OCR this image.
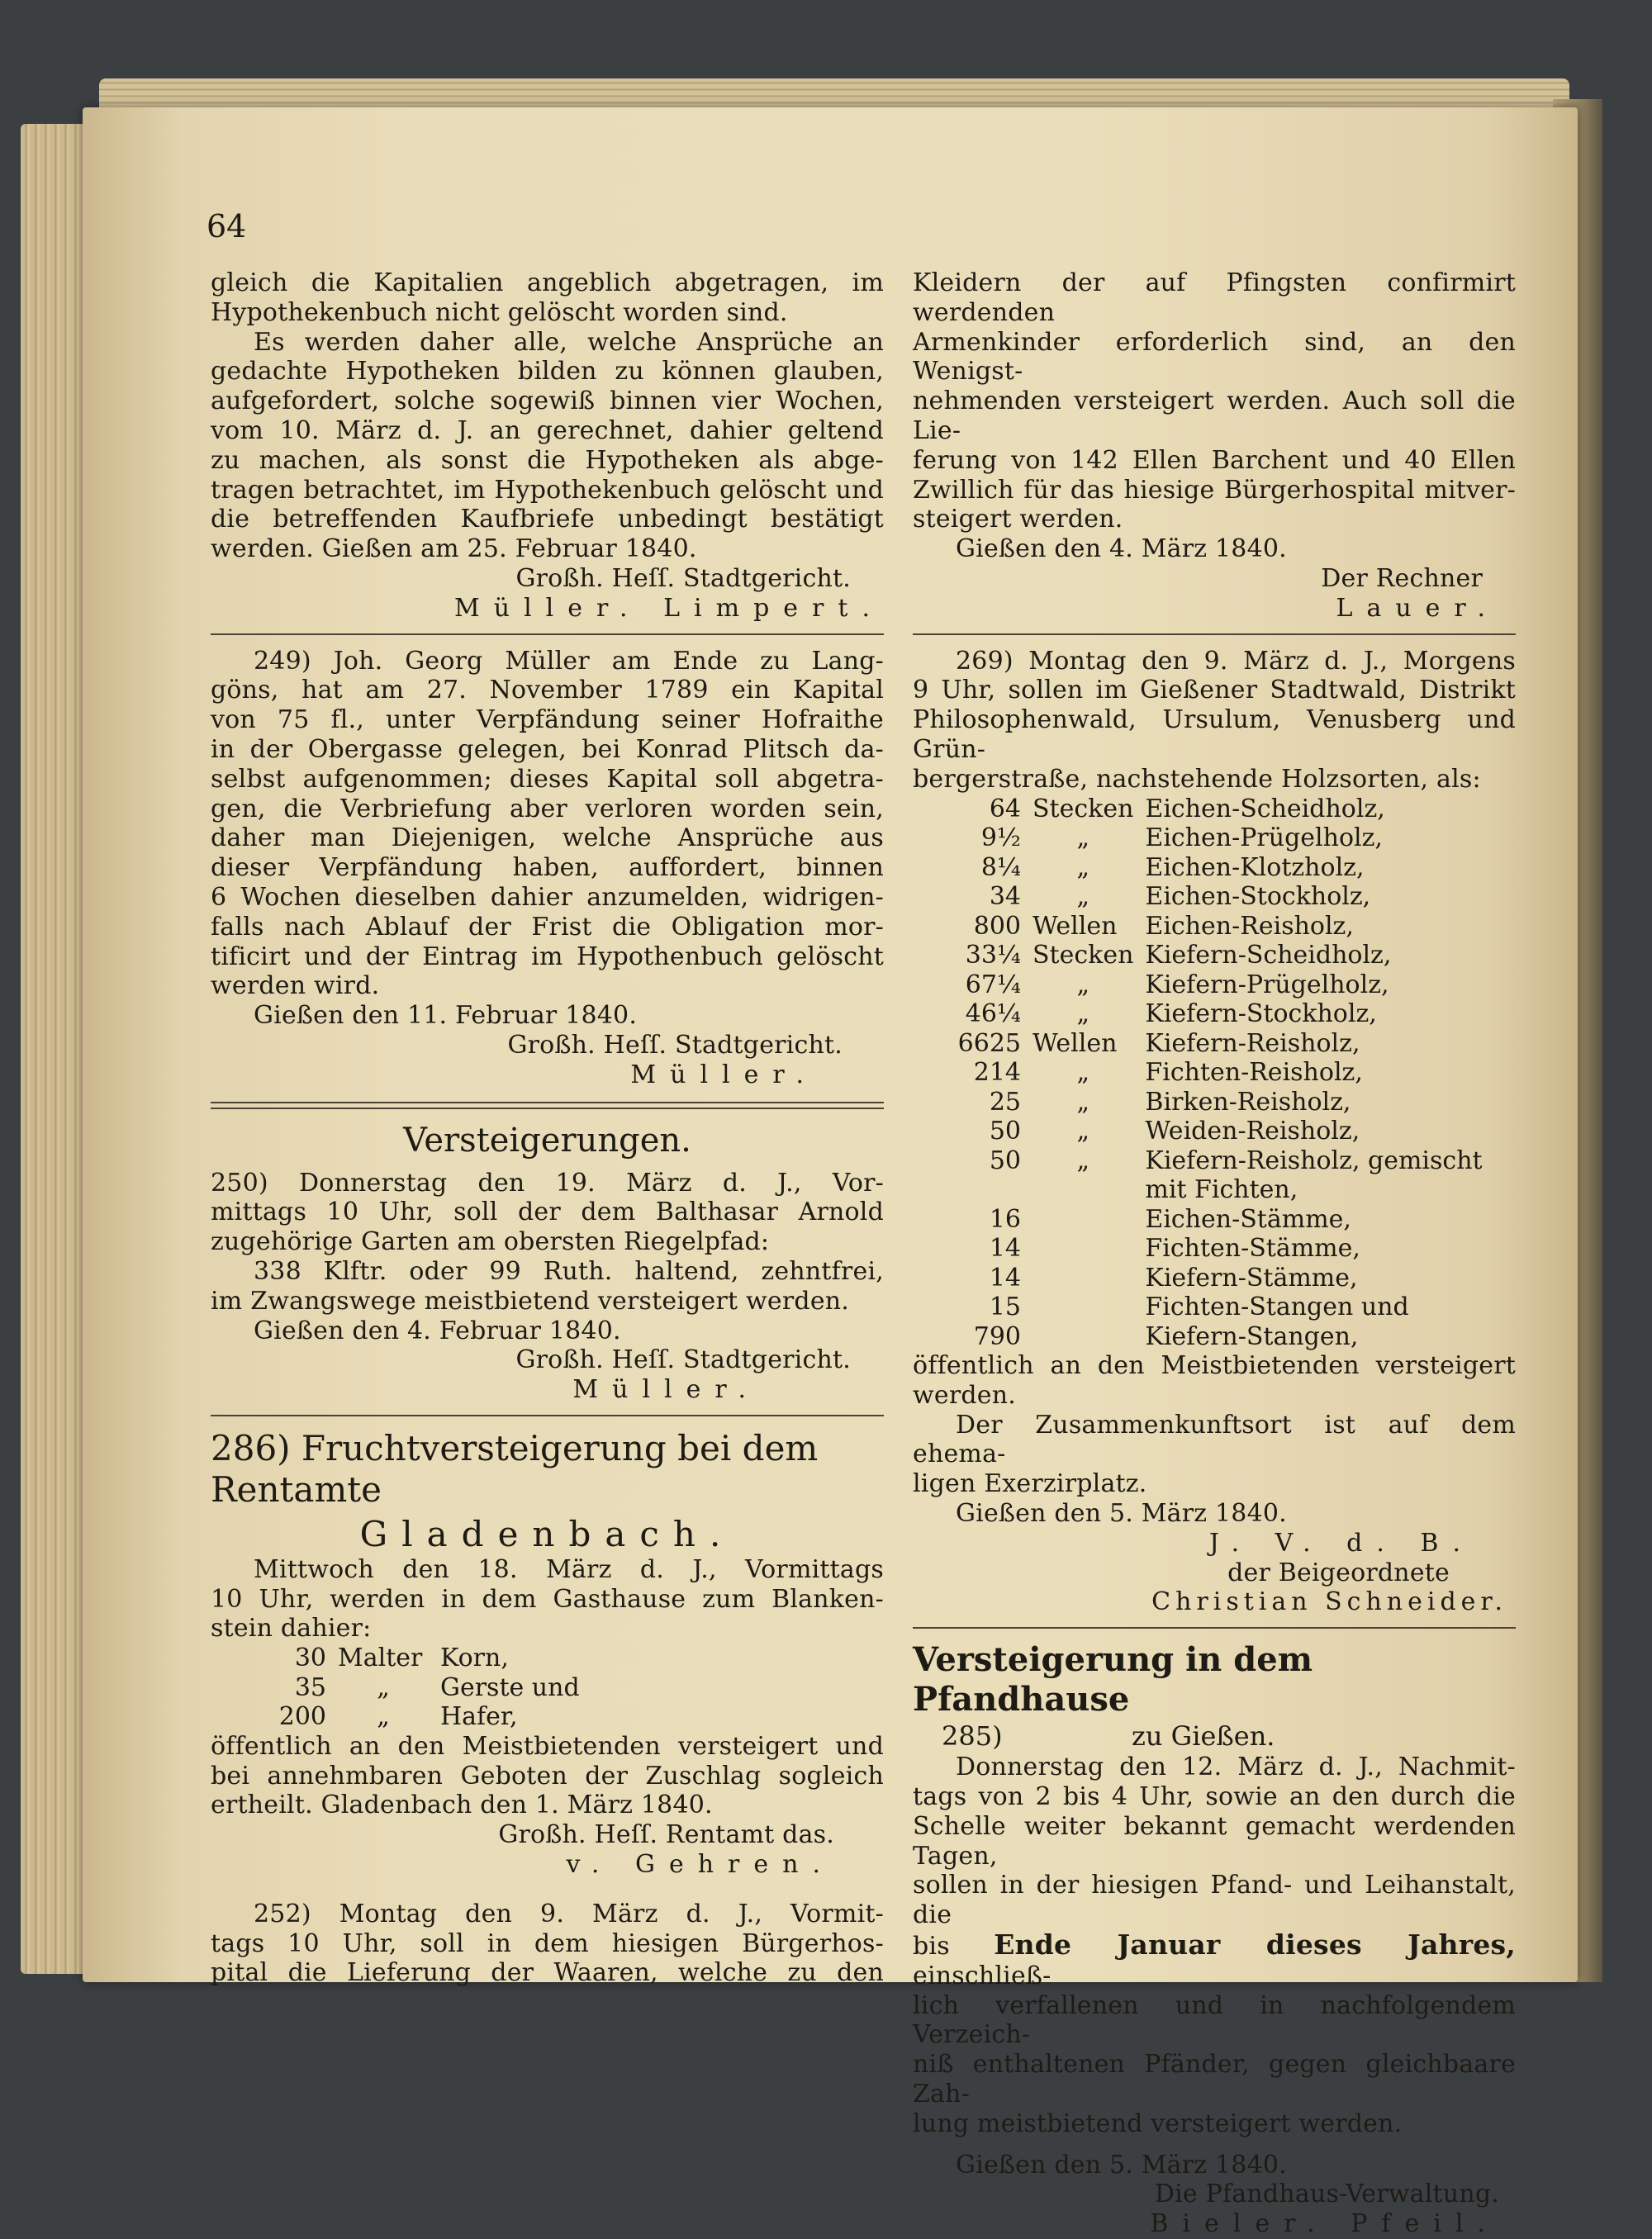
64

gleich die Kapitalien angeblich abgetragen, im

Hypothekenbuch nicht gelöscht worden sind.

Es werden daher alle, welche Ansprüche an

gedachte Hypotheken bilden zu können glauben,

aufgefordert, solche sogewiß binnen vier Wochen,

vom 10. März d. J. an gerechnet, dahier geltend

zu machen, als sonst die Hypotheken als abge-

tragen betrachtet, im Hypothekenbuch gelöscht und

die betreffenden Kaufbriefe unbedingt bestätigt

werden. Gießen am 25. Februar 1840.

Großh. Heſſ. Stadtgericht.

Müller. Limpert.

249) Joh. Georg Müller am Ende zu Lang-

göns, hat am 27. November 1789 ein Kapital

von 75 fl., unter Verpfändung seiner Hofraithe

in der Obergasse gelegen, bei Konrad Plitsch da-

selbst aufgenommen; dieses Kapital soll abgetra-

gen, die Verbriefung aber verloren worden sein,

daher man Diejenigen, welche Ansprüche aus

dieser Verpfändung haben, auffordert, binnen

6 Wochen dieselben dahier anzumelden, widrigen-

falls nach Ablauf der Frist die Obligation mor-

tificirt und der Eintrag im Hypothenbuch gelöscht

werden wird.

Gießen den 11. Februar 1840.

Großh. Heſſ. Stadtgericht.

Müller.

Versteigerungen.

250) Donnerstag den 19. März d. J., Vor-

mittags 10 Uhr, soll der dem Balthasar Arnold

zugehörige Garten am obersten Riegelpfad:

338 Klftr. oder 99 Ruth. haltend, zehntfrei,

im Zwangswege meistbietend versteigert werden.

Gießen den 4. Februar 1840.

Großh. Heſſ. Stadtgericht.

Müller.

286) Fruchtversteigerung bei dem Rentamte
Gladenbach.

Mittwoch den 18. März d. J., Vormittags

10 Uhr, werden in dem Gasthause zum Blanken-

stein dahier:

30	Malter	Korn,
35	„	Gerste und
200	„	Hafer,

öffentlich an den Meistbietenden versteigert und

bei annehmbaren Geboten der Zuschlag sogleich

ertheilt. Gladenbach den 1. März 1840.

Großh. Heſſ. Rentamt das.

v. Gehren.

252) Montag den 9. März d. J., Vormit-

tags 10 Uhr, soll in dem hiesigen Bürgerhos-

pital die Lieferung der Waaren, welche zu den

Kleidern der auf Pfingsten confirmirt werdenden

Armenkinder erforderlich sind, an den Wenigst-

nehmenden versteigert werden. Auch soll die Lie-

ferung von 142 Ellen Barchent und 40 Ellen

Zwillich für das hiesige Bürgerhospital mitver-

steigert werden.

Gießen den 4. März 1840.

Der Rechner

Lauer.

269) Montag den 9. März d. J., Morgens

9 Uhr, sollen im Gießener Stadtwald, Distrikt

Philosophenwald, Ursulum, Venusberg und Grün-

bergerstraße, nachstehende Holzsorten, als:

64	Stecken	Eichen-Scheidholz,
9½	„	Eichen-Prügelholz,
8¼	„	Eichen-Klotzholz,
34	„	Eichen-Stockholz,
800	Wellen	Eichen-Reisholz,
33¼	Stecken	Kiefern-Scheidholz,
67¼	„	Kiefern-Prügelholz,
46¼	„	Kiefern-Stockholz,
6625	Wellen	Kiefern-Reisholz,
214	„	Fichten-Reisholz,
25	„	Birken-Reisholz,
50	„	Weiden-Reisholz,
50	„	Kiefern-Reisholz, gemischt
		mit Fichten,
16		Eichen-Stämme,
14		Fichten-Stämme,
14		Kiefern-Stämme,
15		Fichten-Stangen und
790		Kiefern-Stangen,

öffentlich an den Meistbietenden versteigert werden.

Der Zusammenkunftsort ist auf dem ehema-

ligen Exerzirplatz.

Gießen den 5. März 1840.

J. V. d. B.

der Beigeordnete

Christian Schneider.

Versteigerung in dem Pfandhause
285)	zu Gießen.

Donnerstag den 12. März d. J., Nachmit-

tags von 2 bis 4 Uhr, sowie an den durch die

Schelle weiter bekannt gemacht werdenden Tagen,

sollen in der hiesigen Pfand- und Leihanstalt, die

bis Ende Januar dieses Jahres, einschließ-

lich verfallenen und in nachfolgendem Verzeich-

niß enthaltenen Pfänder, gegen gleichbaare Zah-

lung meistbietend versteigert werden.

Gießen den 5. März 1840.

Die Pfandhaus-Verwaltung.

Bieler. Pfeil.
